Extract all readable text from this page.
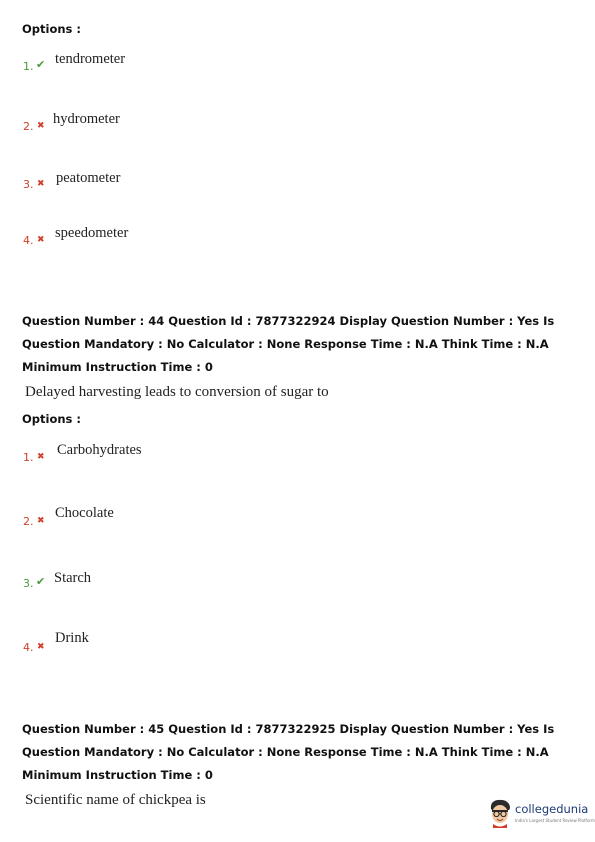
Options :
1. ✔ tendrometer
2. ✖ hydrometer
3. ✖ peatometer
4. ✖ speedometer
Question Number : 44 Question Id : 7877322924 Display Question Number : Yes Is Question Mandatory : No Calculator : None Response Time : N.A Think Time : N.A Minimum Instruction Time : 0
Delayed harvesting leads to conversion of sugar to
Options :
1. ✖ Carbohydrates
2. ✖ Chocolate
3. ✔ Starch
4. ✖
Drink
Question Number : 45 Question Id : 7877322925 Display Question Number : Yes Is Question Mandatory : No Calculator : None Response Time : N.A Think Time : N.A Minimum Instruction Time : 0
Scientific name of chickpea is
collegedunia
India's Largest Student Review Platform
